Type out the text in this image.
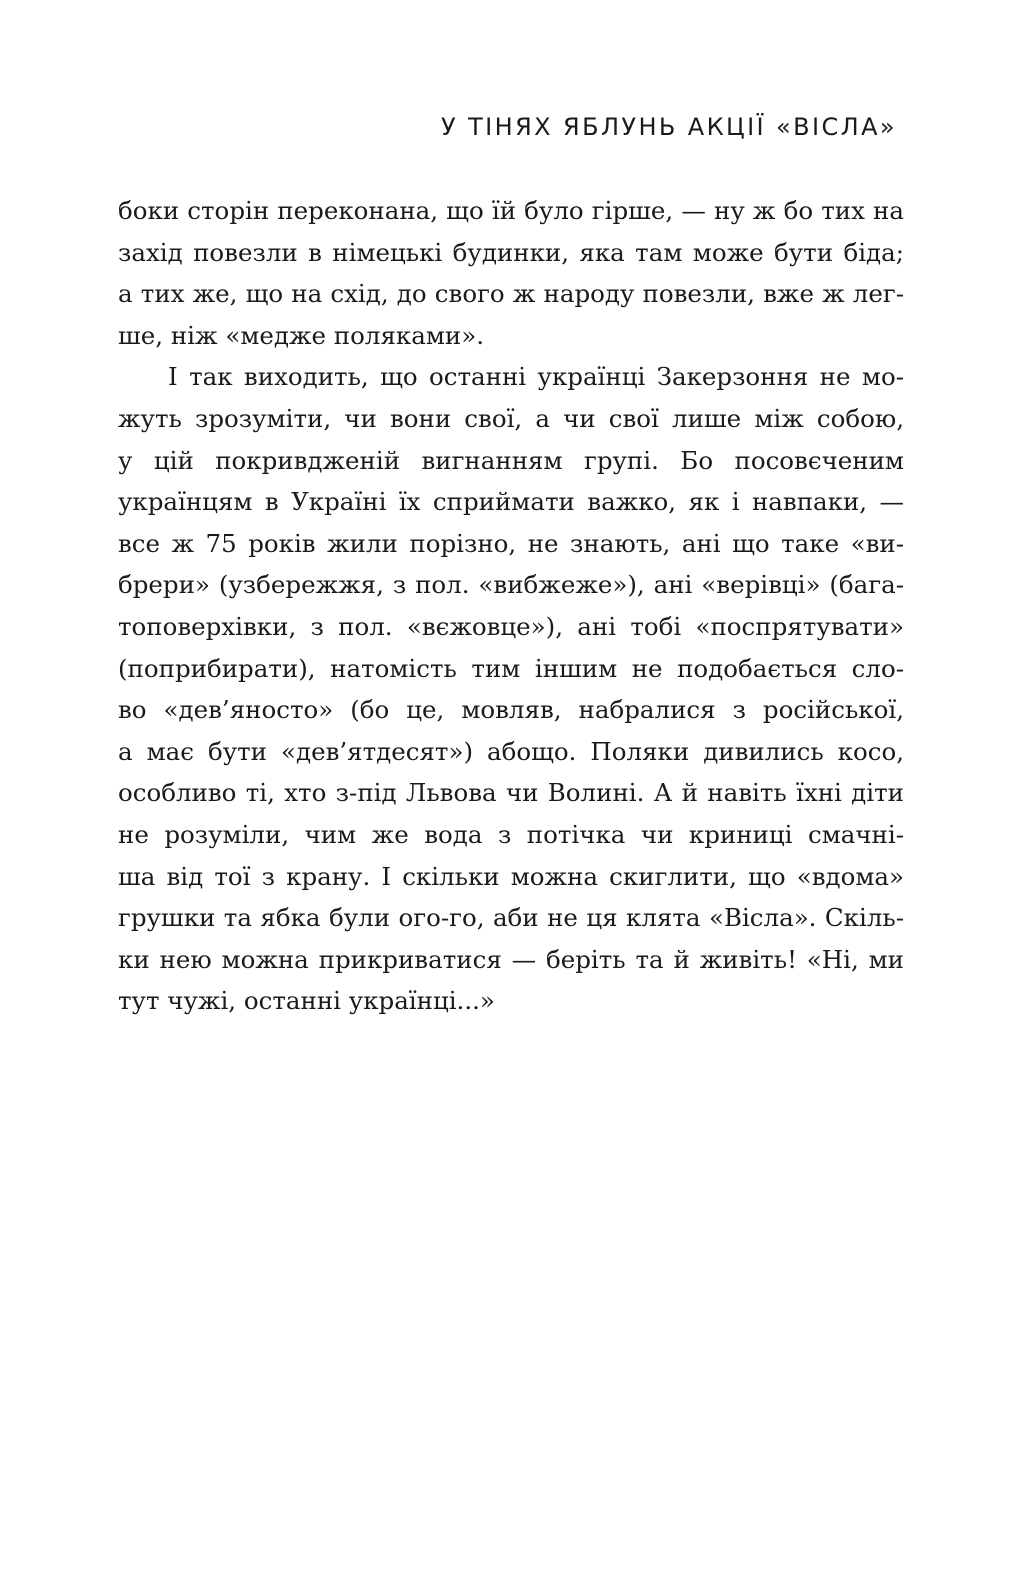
У ТІНЯХ ЯБЛУНЬ АКЦІЇ «ВІСЛА»
боки сторін переконана, що їй було гірше, — ну ж бо тих на
захід повезли в німецькі будинки, яка там може бути біда;
а тих же, що на схід, до свого ж народу повезли, вже ж лег-
ше, ніж «медже поляками».
І так виходить, що останні українці Закерзоння не мо-
жуть зрозуміти, чи вони свої, а чи свої лише між собою,
у цій покривдженій вигнанням групі. Бо посовєченим
українцям в Україні їх сприймати важко, як і навпаки, —
все ж 75 років жили порізно, не знають, ані що таке «ви-
брери» (узбережжя, з пол. «вибжеже»), ані «верівці» (бага-
топоверхівки, з пол. «вєжовце»), ані тобі «поспрятувати»
(поприбирати), натомість тим іншим не подобається сло-
во «дев’яносто» (бо це, мовляв, набралися з російської,
а має бути «дев’ятдесят») абощо. Поляки дивились косо,
особливо ті, хто з-під Львова чи Волині. А й навіть їхні діти
не розуміли, чим же вода з потічка чи криниці смачні-
ша від тої з крану. І скільки можна скиглити, що «вдома»
грушки та ябка були ого-го, аби не ця клята «Вісла». Скіль-
ки нею можна прикриватися — беріть та й живіть! «Ні, ми
тут чужі, останні українці...»
